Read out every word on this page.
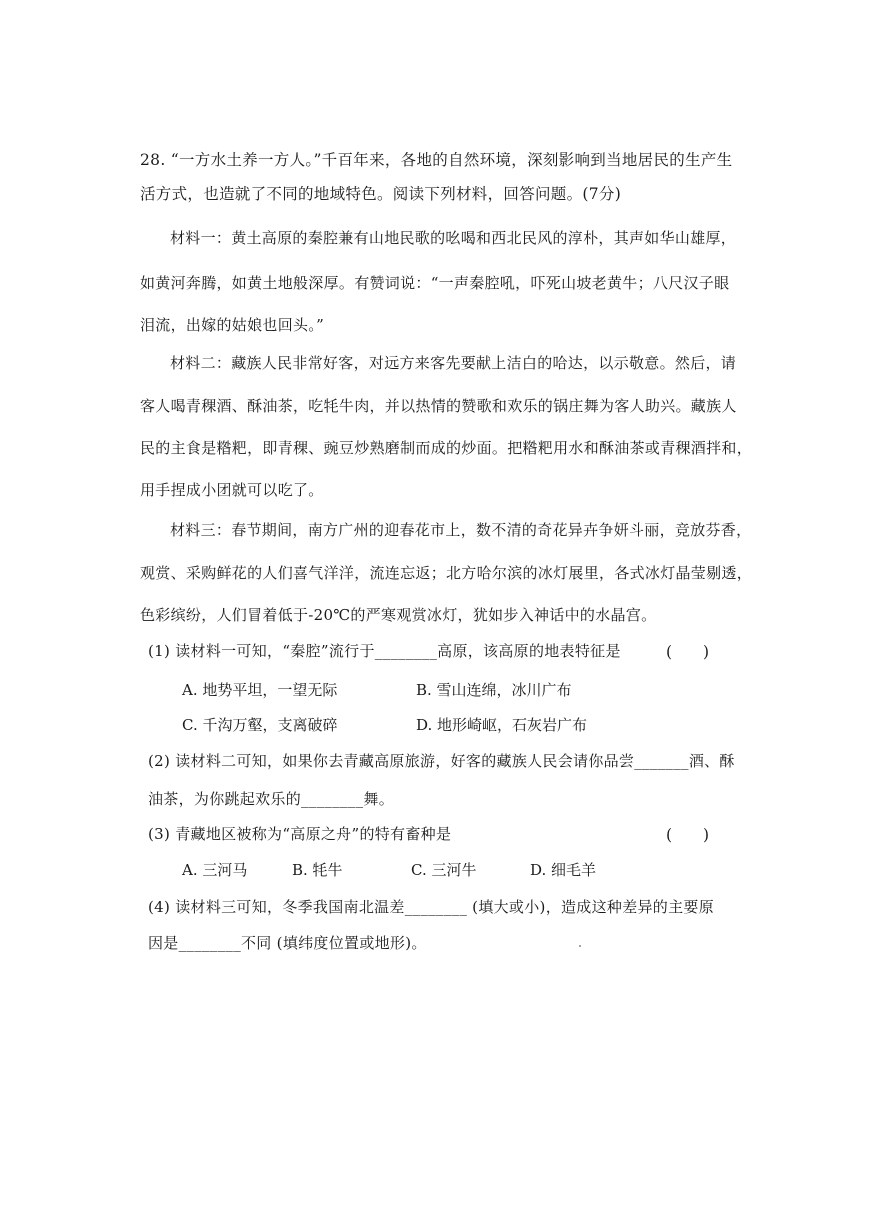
28. “一方水土养一方人。”千百年来，各地的自然环境，深刻影响到当地居民的生产生
活方式，也造就了不同的地域特色。阅读下列材料，回答问题。(7分)
材料一：黄土高原的秦腔兼有山地民歌的吆喝和西北民风的淳朴，其声如华山雄厚，
如黄河奔腾，如黄土地般深厚。有赞词说：“一声秦腔吼，吓死山坡老黄牛；八尺汉子眼
泪流，出嫁的姑娘也回头。”
材料二：藏族人民非常好客，对远方来客先要献上洁白的哈达，以示敬意。然后，请
客人喝青稞酒、酥油茶，吃牦牛肉，并以热情的赞歌和欢乐的锅庄舞为客人助兴。藏族人
民的主食是糌粑，即青稞、豌豆炒熟磨制而成的炒面。把糌粑用水和酥油茶或青稞酒拌和，
用手捏成小团就可以吃了。
材料三：春节期间，南方广州的迎春花市上，数不清的奇花异卉争妍斗丽，竞放芬香，
观赏、采购鲜花的人们喜气洋洋，流连忘返；北方哈尔滨的冰灯展里，各式冰灯晶莹剔透，
色彩缤纷，人们冒着低于-20℃的严寒观赏冰灯，犹如步入神话中的水晶宫。
(1) 读材料一可知，“秦腔”流行于________高原，该高原的地表特征是	(　　)
A. 地势平坦，一望无际	B. 雪山连绵，冰川广布
C. 千沟万壑，支离破碎	D. 地形崎岖，石灰岩广布
(2) 读材料二可知，如果你去青藏高原旅游，好客的藏族人民会请你品尝_______酒、酥
油茶，为你跳起欢乐的________舞。
(3) 青藏地区被称为“高原之舟”的特有畜种是	(　　)
A. 三河马	B. 牦牛	C. 三河牛	D. 细毛羊
(4) 读材料三可知，冬季我国南北温差________ (填大或小)，造成这种差异的主要原
因是________不同 (填纬度位置或地形)。
